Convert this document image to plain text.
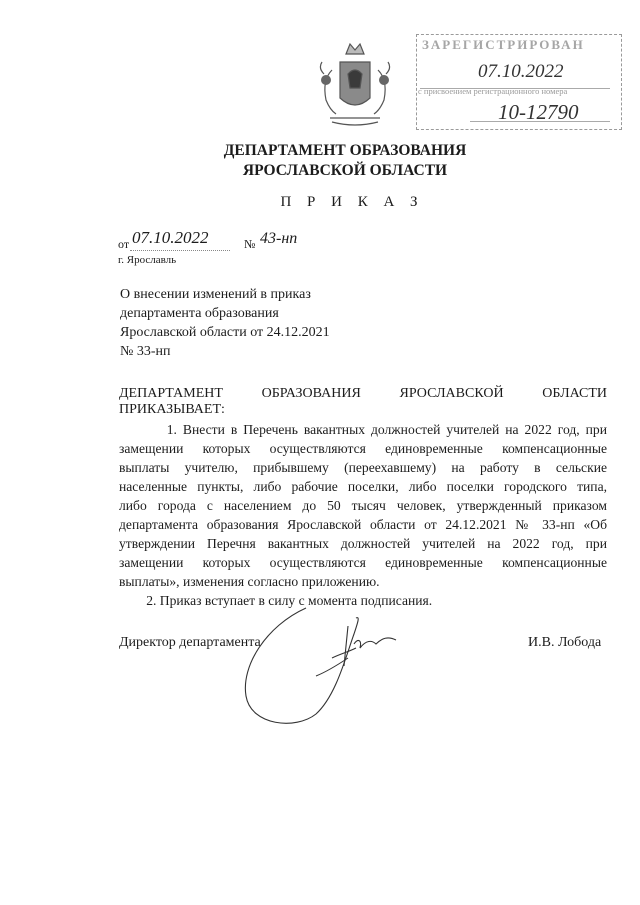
ЗАРЕГИСТРИРОВАН
07.10.2022
с присвоением регистрационного номера
10-12790
ДЕПАРТАМЕНТ ОБРАЗОВАНИЯ
ЯРОСЛАВСКОЙ ОБЛАСТИ
П Р И К А З
от 07.10.2022	№ 43-нп
г. Ярославль
О внесении изменений в приказ
департамента образования
Ярославской области от 24.12.2021
№ 33-нп
ДЕПАРТАМЕНТ	ОБРАЗОВАНИЯ	ЯРОСЛАВСКОЙ	ОБЛАСТИ
ПРИКАЗЫВАЕТ:
1. Внести в Перечень вакантных должностей учителей на 2022 год, при
замещении которых осуществляются единовременные компенсационные
выплаты учителю, прибывшему (переехавшему) на работу в сельские
населенные пункты, либо рабочие поселки, либо поселки городского типа,
либо города с населением до 50 тысяч человек, утвержденный приказом
департамента образования Ярославской области от 24.12.2021 № 33-нп «Об
утверждении Перечня вакантных должностей учителей на 2022 год, при
замещении которых осуществляются единовременные компенсационные
выплаты», изменения согласно приложению.
2. Приказ вступает в силу с момента подписания.
Директор департамента	И.В. Лобода
